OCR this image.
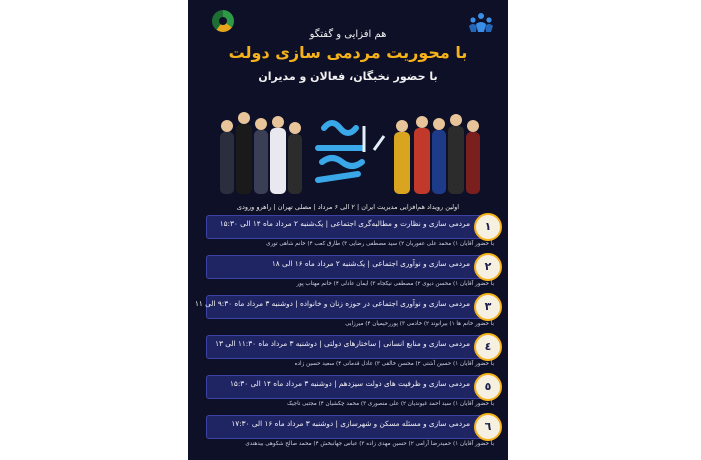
هم افزایی و گفتگو
با محوریت مردمی سازی دولت
با حضور نخبگان، فعالان و مدیران
اولین رویداد هم‌افزایی مدیریت ایران | ۲ الی ۶ مرداد | مصلی تهران | راهرو ورودی
مردمی سازی و نظارت و مطالبه‌گری اجتماعی | یک‌شنبه ۲ مرداد ماه ۱۴ الی ۱۵:۳۰	١
با حضور آقایان ۱) محمد علی عفوریان ۲) سید مصطفی رضایی ۳) طارق کعب ۴) خانم شاهی توری
مردمی سازی و نوآوری اجتماعی | یک‌شنبه ۲ مرداد ماه ۱۶ الی ۱۸	٢
با حضور آقایان ۱) محسن دیوی ۲) مصطفی نیکجاه ۳) ایمان عادلی ۴) خانم مهتاب پور
مردمی سازی و نوآوری اجتماعی در حوزه زنان و خانواده | دوشنبه ۳ مرداد ماه ۹:۳۰ الی ۱۱	٣
با حضور خانم ها ۱) بیرانوند ۲) خادمی ۳) پوررحیمیان ۴) میرزایی
مردمی سازی و منابع انسانی | ساختارهای دولتی | دوشنبه ۳ مرداد ماه ۱۱:۳۰ الی ۱۳	٤
با حضور آقایان ۱) حسین آشتی ۲) محسن خالقی ۳) عادل قدمانی ۴) سعید حسین زاده
مردمی سازی و ظرفیت های دولت سیزدهم | دوشنبه ۳ مرداد ماه ۱۴ الی ۱۵:۳۰	٥
با حضور آقایان ۱) سید احمد غیوندیان ۲) علی منصوری ۳) محمد چکشیان ۴) مجتبی تاجیک
مردمی سازی و مسئله مسکن و شهرسازی | دوشنبه ۳ مرداد ماه ۱۶ الی ۱۷:۳۰	٦
با حضور آقایان ۱) حمیدرضا آرامی ۲) حسین مهدی زاده ۳) عباس جهانبخش ۴) محمد صالح شکوهی بیدهندی
